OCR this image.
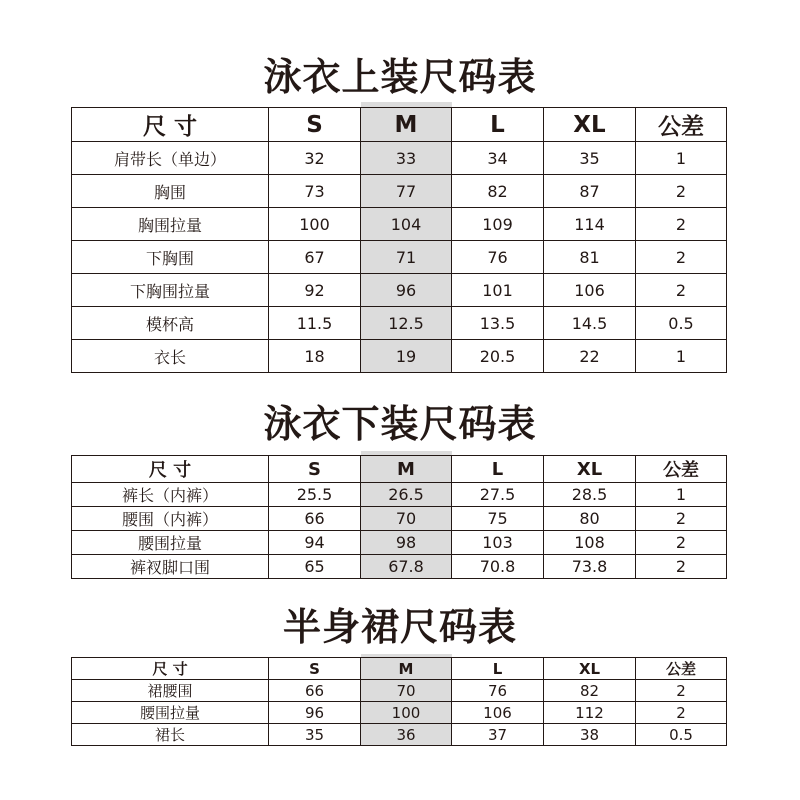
泳衣上装尺码表
尺 寸	S	M	L	XL	公差
肩带长（单边）	32	33	34	35	1
胸围	73	77	82	87	2
胸围拉量	100	104	109	114	2
下胸围	67	71	76	81	2
下胸围拉量	92	96	101	106	2
模杯高	11.5	12.5	13.5	14.5	0.5
衣长	18	19	20.5	22	1
泳衣下装尺码表
尺 寸	S	M	L	XL	公差
裤长（内裤）	25.5	26.5	27.5	28.5	1
腰围（内裤）	66	70	75	80	2
腰围拉量	94	98	103	108	2
裤衩脚口围	65	67.8	70.8	73.8	2
半身裙尺码表
尺 寸	S	M	L	XL	公差
裙腰围	66	70	76	82	2
腰围拉量	96	100	106	112	2
裙长	35	36	37	38	0.5
